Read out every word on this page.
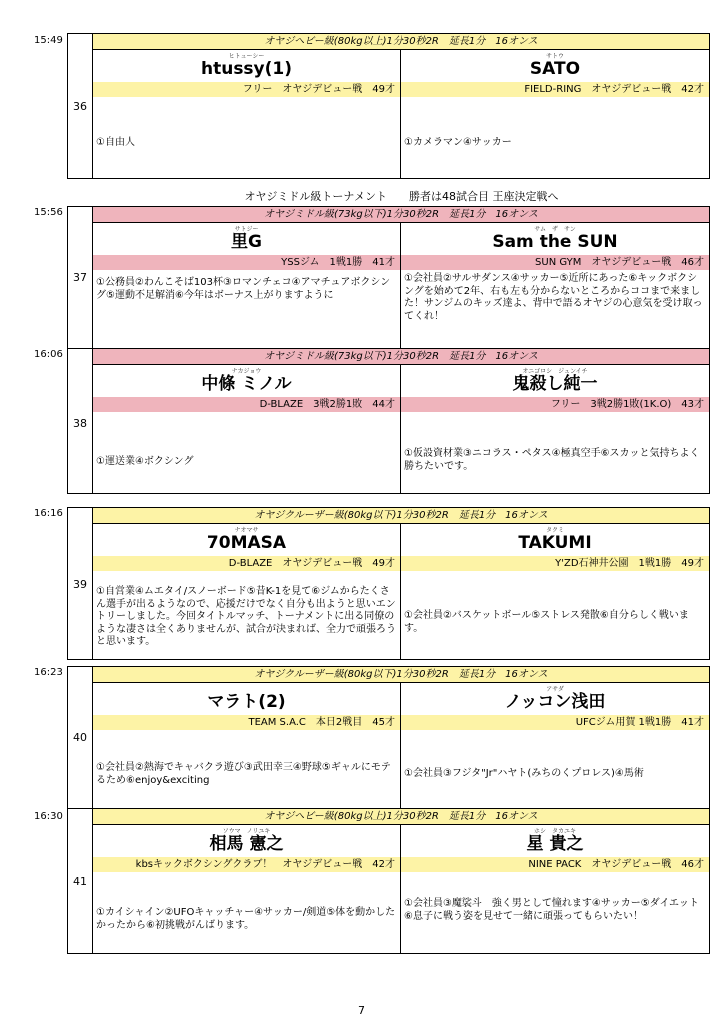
15:49
15:56
16:06
16:16
16:23
16:30
オヤジミドル級トーナメント　　勝者は48試合目 王座決定戦へ
36
オヤジヘビー級(80kg以上)1分30秒2R　延長1分　16オンス
ヒトューシー
htussy(1)
フリー　オヤジデビュー戦　49才
①自由人
サトウ
SATO
FIELD-RING　オヤジデビュー戦　42才
①カメラマン④サッカー
37
オヤジミドル級(73kg以下)1分30秒2R　延長1分　16オンス
サトジー
里G
YSSジム　1戦1勝　41才
①公務員②わんこそば103杯③ロマンチェコ④アマチュアボクシング⑤運動不足解消⑥今年はボーナス上がりますように
サム　ザ　サン
Sam the SUN
SUN GYM　オヤジデビュー戦　46才
①会社員②サルサダンス④サッカー⑤近所にあった⑥キックボクシングを始めて2年、右も左も分からないところからココまで来ました！サンジムのキッズ達よ、背中で語るオヤジの心意気を受け取ってくれ！
38
オヤジミドル級(73kg以下)1分30秒2R　延長1分　16オンス
ナカジョウ
中條 ミノル
D-BLAZE　3戦2勝1敗　44才
①運送業④ボクシング
オニゴロシ　ジュンイチ
鬼殺し純一
フリー　3戦2勝1敗(1K.O)　43才
①仮設資材業③ニコラス・ペタス④極真空手⑥スカッと気持ちよく勝ちたいです。
39
オヤジクルーザー級(80kg以下)1分30秒2R　延長1分　16オンス
ナオマサ
70MASA
D-BLAZE　オヤジデビュー戦　49才
①自営業④ムエタイ/スノーボード⑤昔K-1を見て⑥ジムからたくさん選手が出るようなので、応援だけでなく自分も出ようと思いエントリーしました。今回タイトルマッチ、トーナメントに出る同僚のような凄さは全くありませんが、試合が決まれば、全力で頑張ろうと思います。
タクミ
TAKUMI
Y'ZD石神井公園　1戦1勝　49才
①会社員②バスケットボール⑤ストレス発散⑥自分らしく戦います。
40
オヤジクルーザー級(80kg以下)1分30秒2R　延長1分　16オンス
マラト(2)
TEAM S.A.C　本日2戦目　45才
①会社員②熱海でキャバクラ遊び③武田幸三④野球⑤ギャルにモテるため⑥enjoy&exciting
アサダ
ノッコン浅田
UFCジム用賀 1戦1勝　41才
①会社員③フジタ"Jr"ハヤト(みちのくプロレス)④馬術
41
オヤジヘビー級(80kg以上)1分30秒2R　延長1分　16オンス
ソウマ　ノリユキ
相馬 憲之
kbsキックボクシングクラブ！　オヤジデビュー戦　42才
①カイシャイン②UFOキャッチャー④サッカー/剣道⑤体を動かしたかったから⑥初挑戦がんばります。
ホシ　タカユキ
星 貴之
NINE PACK　オヤジデビュー戦　46才
①会社員③魔裟斗　強く男として憧れます④サッカー⑤ダイエット⑥息子に戦う姿を見せて一緒に頑張ってもらいたい！
7
